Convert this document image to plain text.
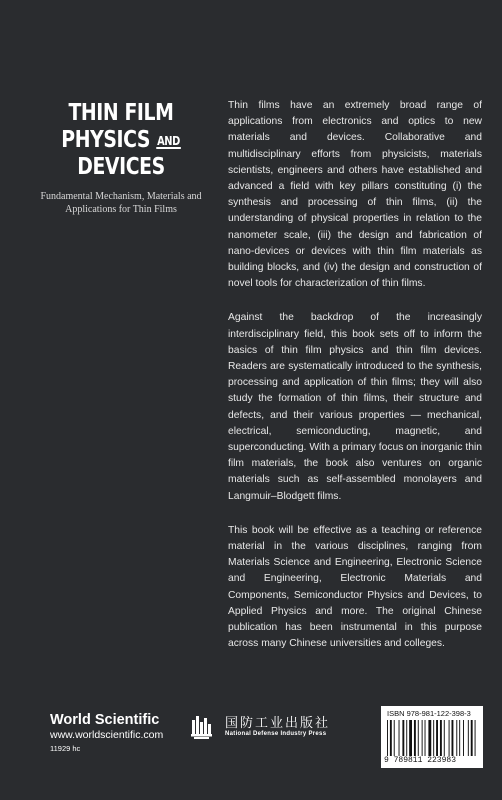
THIN FILM
PHYSICS AND
DEVICES
Fundamental Mechanism, Materials and Applications for Thin Films

Thin films have an extremely broad range of applications from electronics and optics to new materials and devices. Collaborative and multidisciplinary efforts from physicists, materials scientists, engineers and others have established and advanced a field with key pillars constituting (i) the synthesis and processing of thin films, (ii) the understanding of physical properties in relation to the nanometer scale, (iii) the design and fabrication of nano-devices or devices with thin film materials as building blocks, and (iv) the design and construction of novel tools for characterization of thin films.

Against the backdrop of the increasingly interdisciplinary field, this book sets off to inform the basics of thin film physics and thin film devices. Readers are systematically introduced to the synthesis, processing and application of thin films; they will also study the formation of thin films, their structure and defects, and their various properties — mechanical, electrical, semiconducting, magnetic, and superconducting. With a primary focus on inorganic thin film materials, the book also ventures on organic materials such as self-assembled monolayers and Langmuir–Blodgett films.

This book will be effective as a teaching or reference material in the various disciplines, ranging from Materials Science and Engineering, Electronic Science and Engineering, Electronic Materials and Components, Semiconductor Physics and Devices, to Applied Physics and more. The original Chinese publication has been instrumental in this purpose across many Chinese universities and colleges.

World Scientific
www.worldscientific.com
11929 hc
国防工业出版社
National Defense Industry Press
ISBN 978-981-122-398-3
9 789811 223983
